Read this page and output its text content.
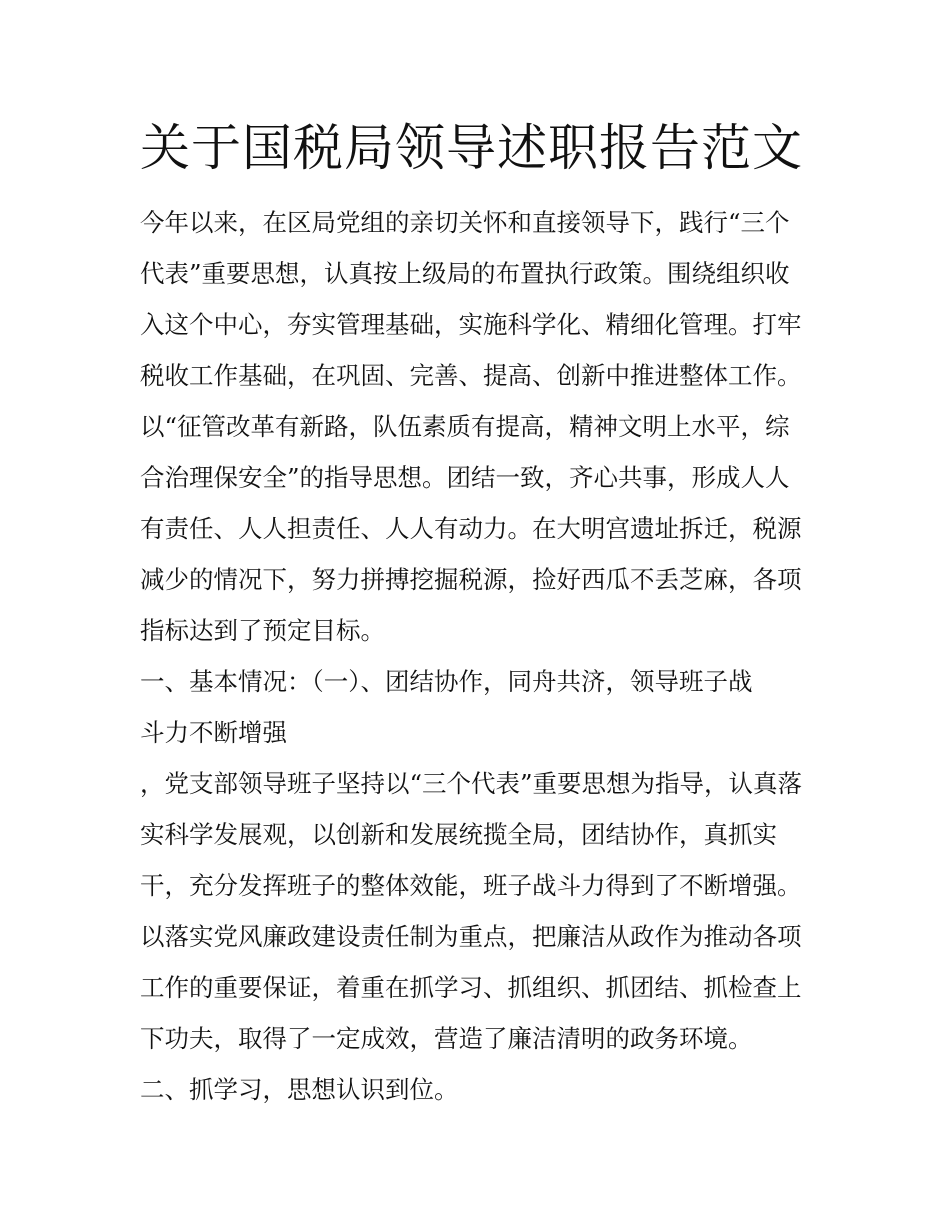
关于国税局领导述职报告范文
今年以来，在区局党组的亲切关怀和直接领导下，践行“三个
代表”重要思想，认真按上级局的布置执行政策。围绕组织收
入这个中心，夯实管理基础，实施科学化、精细化管理。打牢
税收工作基础，在巩固、完善、提高、创新中推进整体工作。
以“征管改革有新路，队伍素质有提高，精神文明上水平，综
合治理保安全”的指导思想。团结一致，齐心共事，形成人人
有责任、人人担责任、人人有动力。在大明宫遗址拆迁，税源
减少的情况下，努力拼搏挖掘税源，捡好西瓜不丢芝麻，各项
指标达到了预定目标。
一、基本情况：（一）、团结协作，同舟共济，领导班子战
斗力不断增强
，党支部领导班子坚持以“三个代表”重要思想为指导，认真落
实科学发展观，以创新和发展统揽全局，团结协作，真抓实
干，充分发挥班子的整体效能，班子战斗力得到了不断增强。
以落实党风廉政建设责任制为重点，把廉洁从政作为推动各项
工作的重要保证，着重在抓学习、抓组织、抓团结、抓检查上
下功夫，取得了一定成效，营造了廉洁清明的政务环境。
二、抓学习，思想认识到位。
